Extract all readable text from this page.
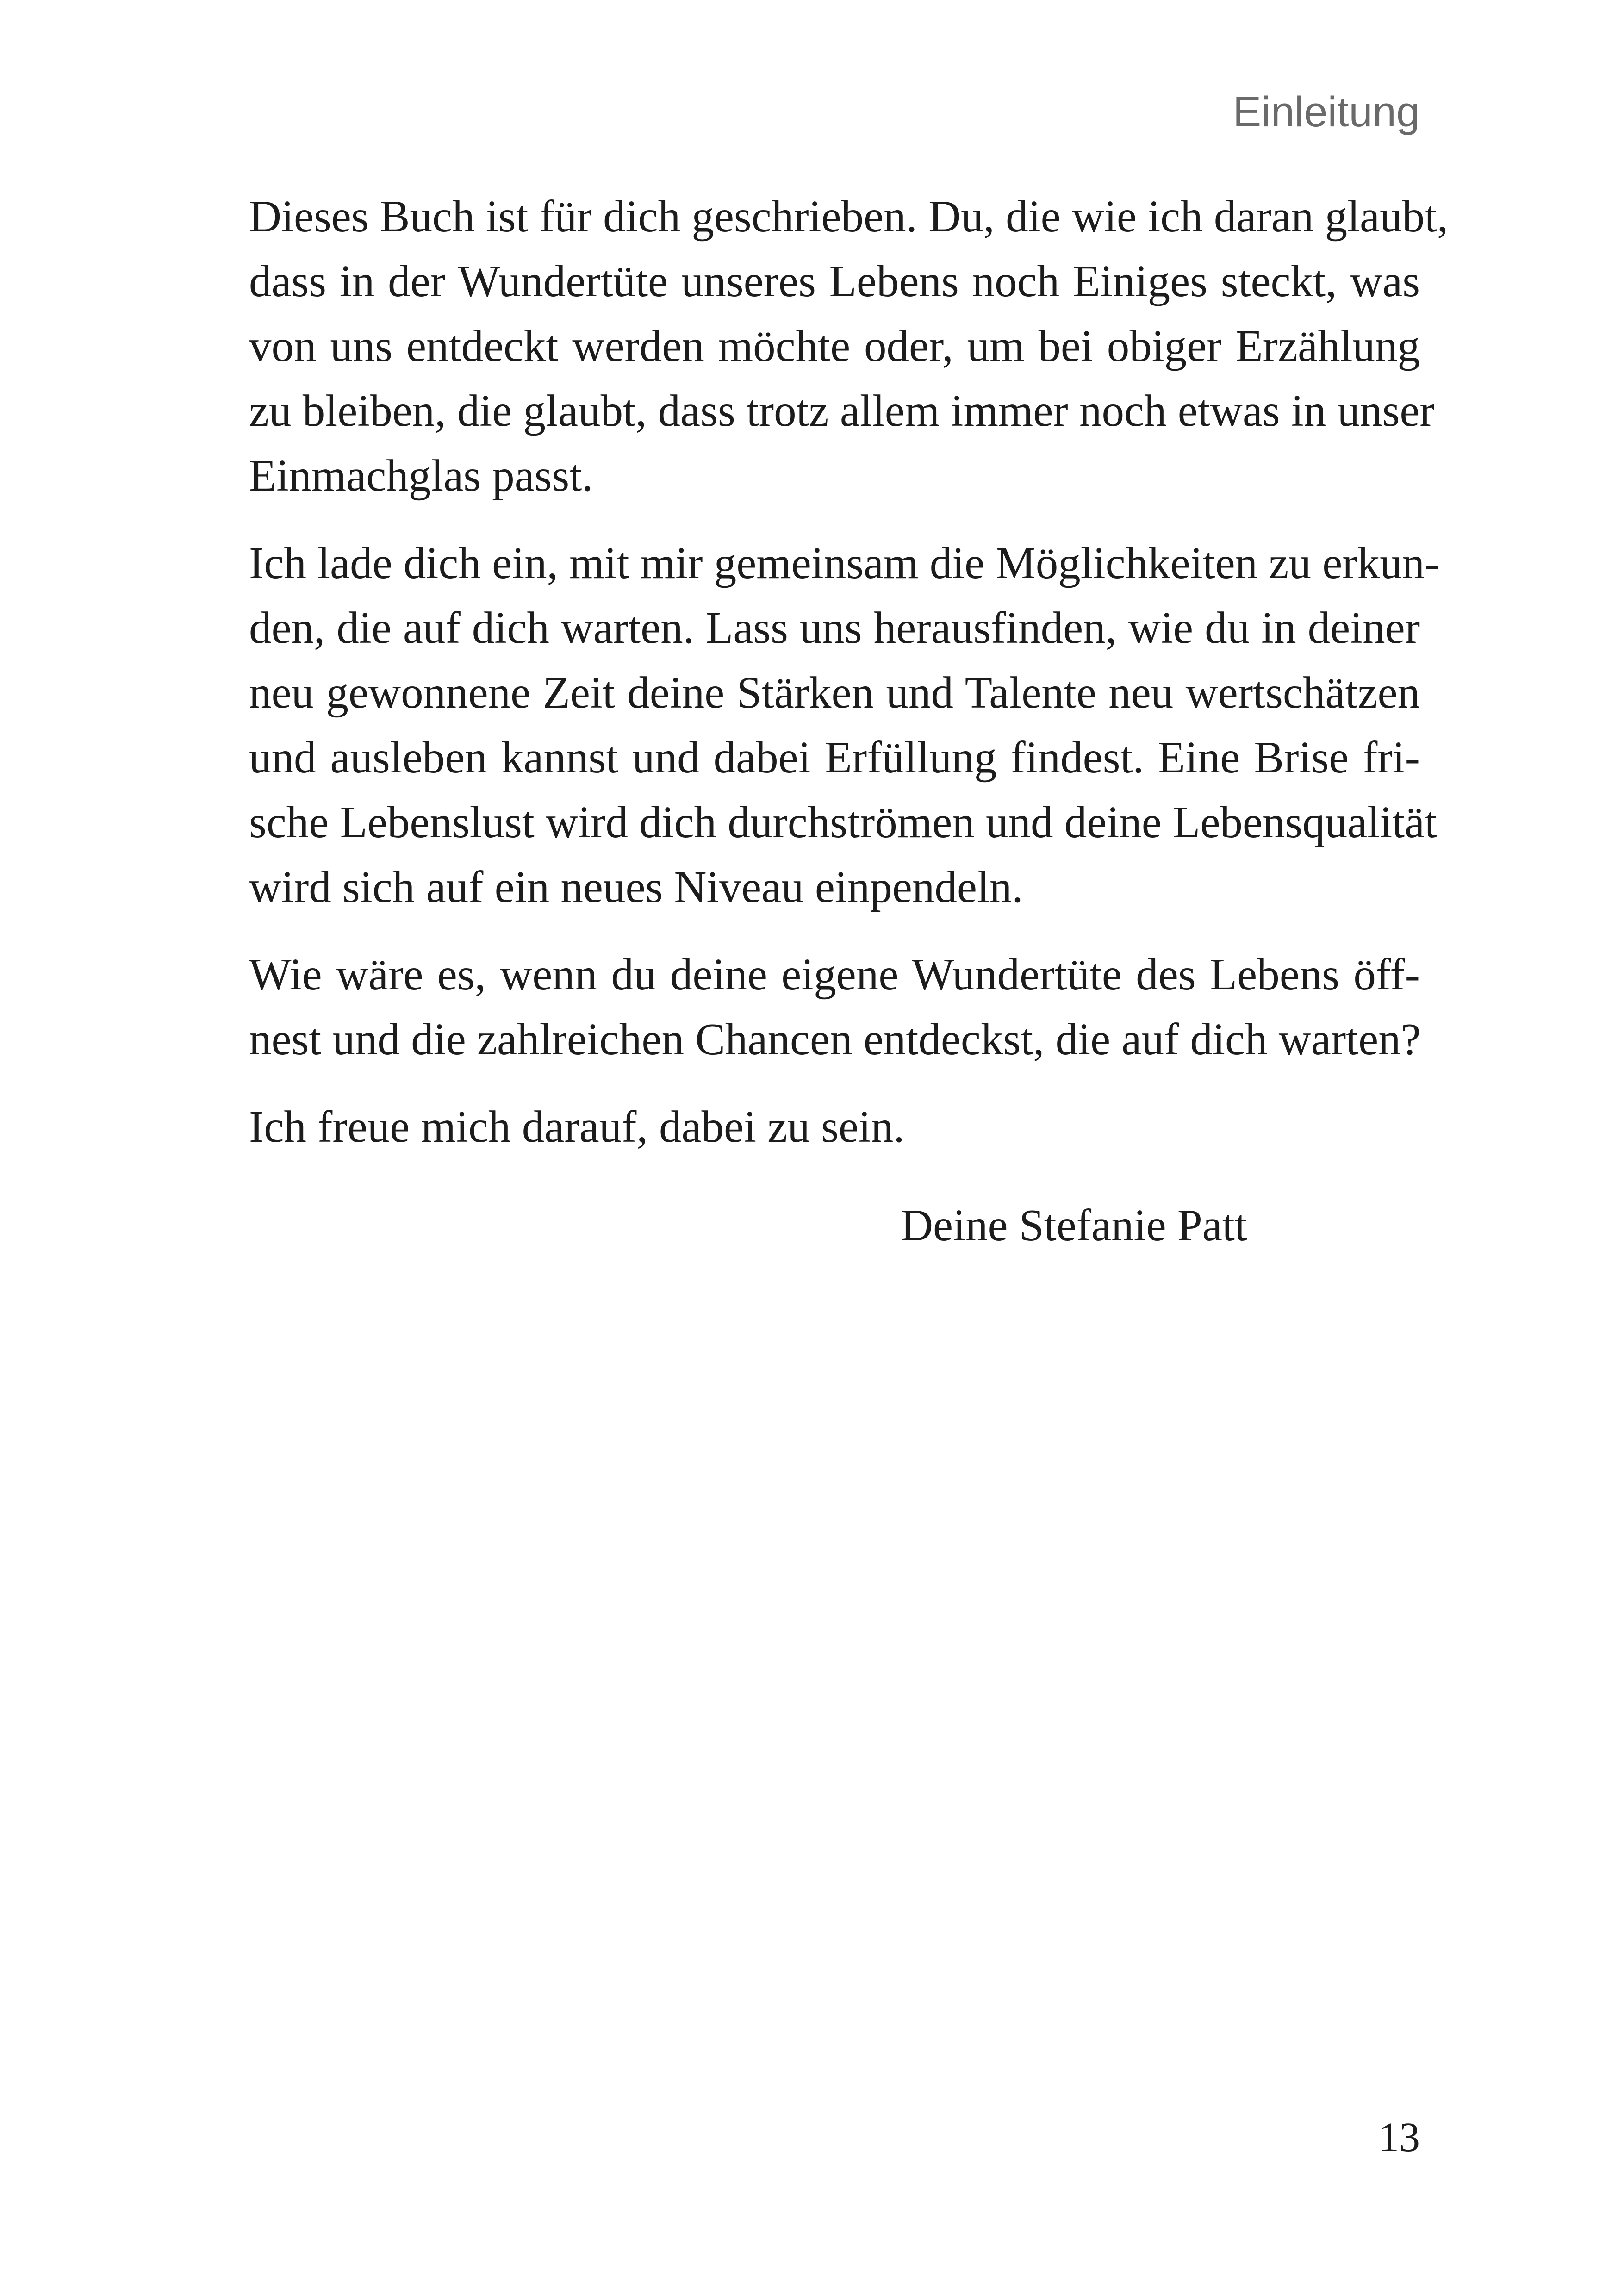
Einleitung

Dieses Buch ist für dich geschrieben. Du, die wie ich daran glaubt,
dass in der Wundertüte unseres Lebens noch Einiges steckt, was
von uns entdeckt werden möchte oder, um bei obiger Erzählung
zu bleiben, die glaubt, dass trotz allem immer noch etwas in unser
Einmachglas passt.

Ich lade dich ein, mit mir gemeinsam die Möglichkeiten zu erkun-
den, die auf dich warten. Lass uns herausfinden, wie du in deiner
neu gewonnene Zeit deine Stärken und Talente neu wertschätzen
und ausleben kannst und dabei Erfüllung findest. Eine Brise fri-
sche Lebenslust wird dich durchströmen und deine Lebensqualität
wird sich auf ein neues Niveau einpendeln.

Wie wäre es, wenn du deine eigene Wundertüte des Lebens öff-
nest und die zahlreichen Chancen entdeckst, die auf dich warten?

Ich freue mich darauf, dabei zu sein.

Deine Stefanie Patt
13
